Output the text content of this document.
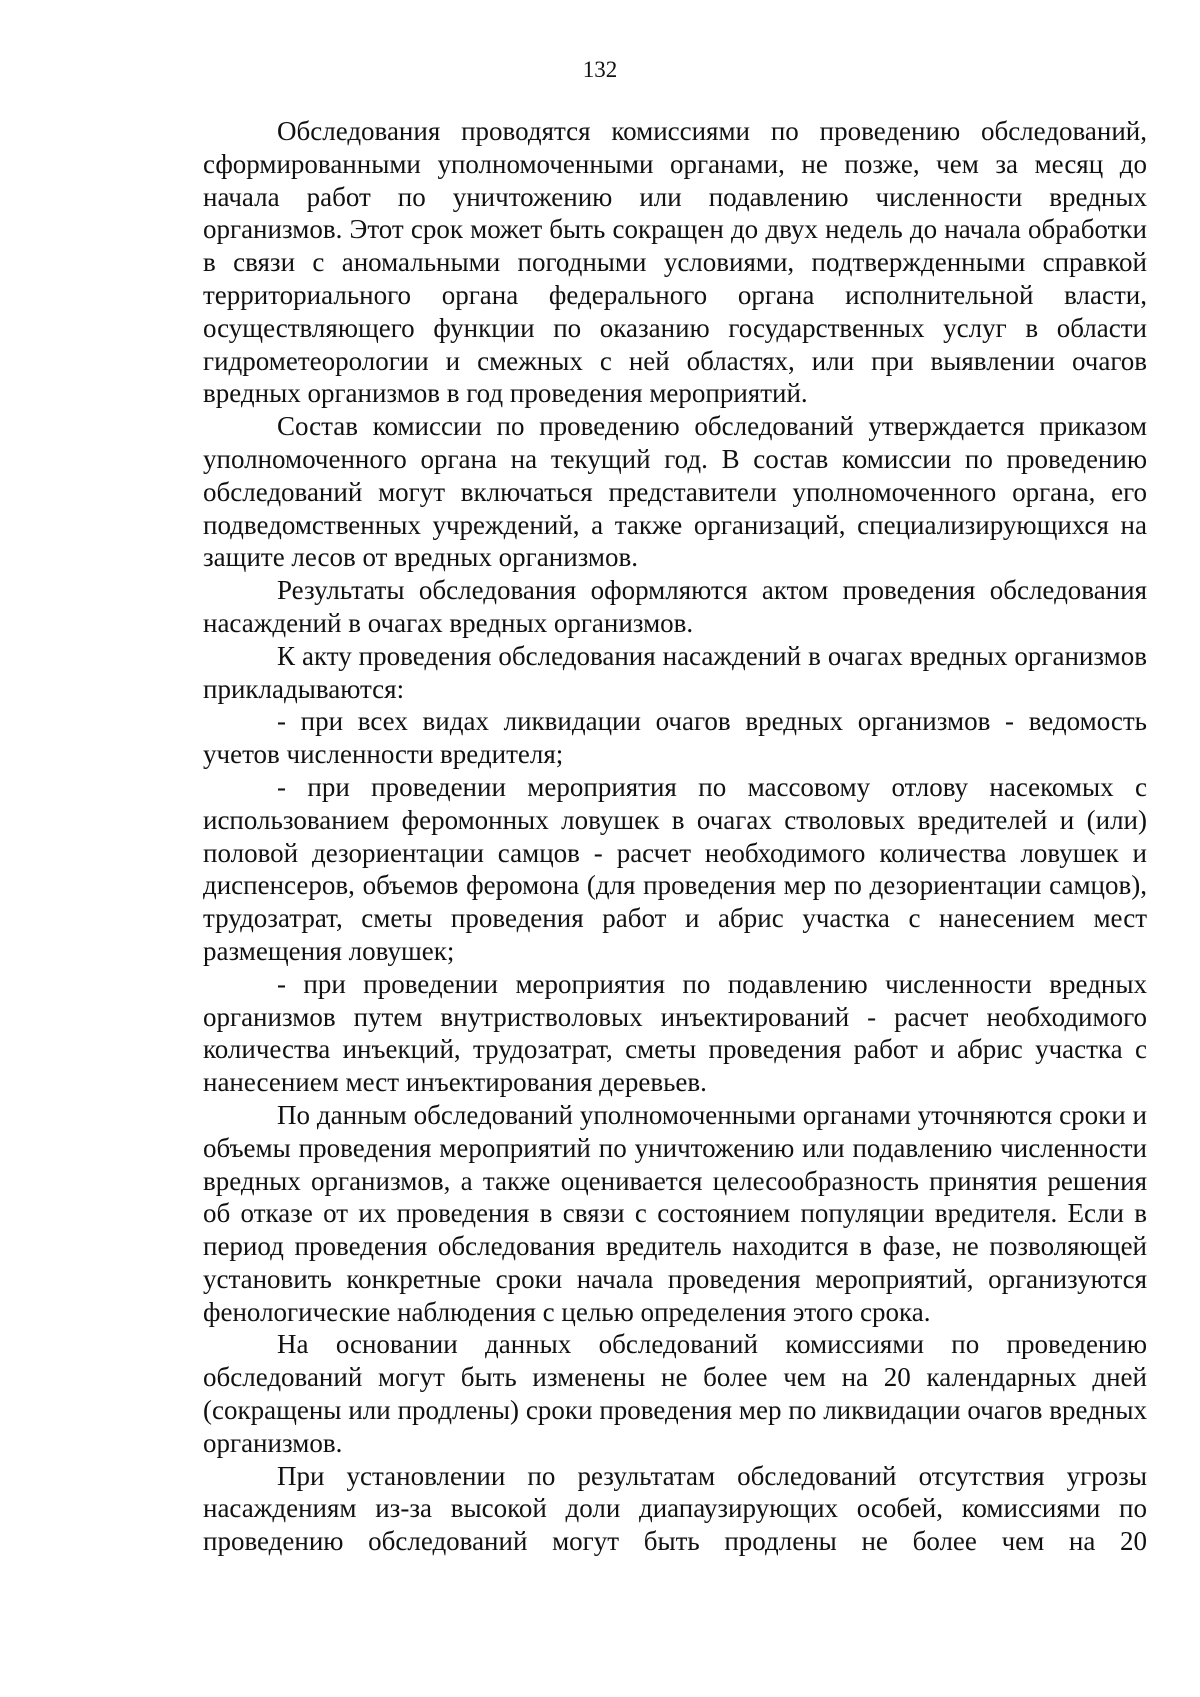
132

Обследования проводятся комиссиями по проведению обследований, сформированными уполномоченными органами, не позже, чем за месяц до начала работ по уничтожению или подавлению численности вредных организмов. Этот срок может быть сокращен до двух недель до начала обработки в связи с аномальными погодными условиями, подтвержденными справкой территориального органа федерального органа исполнительной власти, осуществляющего функции по оказанию государственных услуг в области гидрометеорологии и смежных с ней областях, или при выявлении очагов вредных организмов в год проведения мероприятий.

Состав комиссии по проведению обследований утверждается приказом уполномоченного органа на текущий год. В состав комиссии по проведению обследований могут включаться представители уполномоченного органа, его подведомственных учреждений, а также организаций, специализирующихся на защите лесов от вредных организмов.

Результаты обследования оформляются актом проведения обследования насаждений в очагах вредных организмов.

К акту проведения обследования насаждений в очагах вредных организмов прикладываются:

- при всех видах ликвидации очагов вредных организмов - ведомость учетов численности вредителя;

- при проведении мероприятия по массовому отлову насекомых с использованием феромонных ловушек в очагах стволовых вредителей и (или) половой дезориентации самцов - расчет необходимого количества ловушек и диспенсеров, объемов феромона (для проведения мер по дезориентации самцов), трудозатрат, сметы проведения работ и абрис участка с нанесением мест размещения ловушек;

- при проведении мероприятия по подавлению численности вредных организмов путем внутриствoловых инъектирований - расчет необходимого количества инъекций, трудозатрат, сметы проведения работ и абрис участка с нанесением мест инъектирования деревьев.

По данным обследований уполномоченными органами уточняются сроки и объемы проведения мероприятий по уничтожению или подавлению численности вредных организмов, а также оценивается целесообразность принятия решения об отказе от их проведения в связи с состоянием популяции вредителя. Если в период проведения обследования вредитель находится в фазе, не позволяющей установить конкретные сроки начала проведения мероприятий, организуются фенологические наблюдения с целью определения этого срока.

На основании данных обследований комиссиями по проведению обследований могут быть изменены не более чем на 20 календарных дней (сокращены или продлены) сроки проведения мер по ликвидации очагов вредных организмов.

При установлении по результатам обследований отсутствия угрозы насаждениям из-за высокой доли диапаузирующих особей, комиссиями по проведению обследований могут быть продлены не более чем на 20
